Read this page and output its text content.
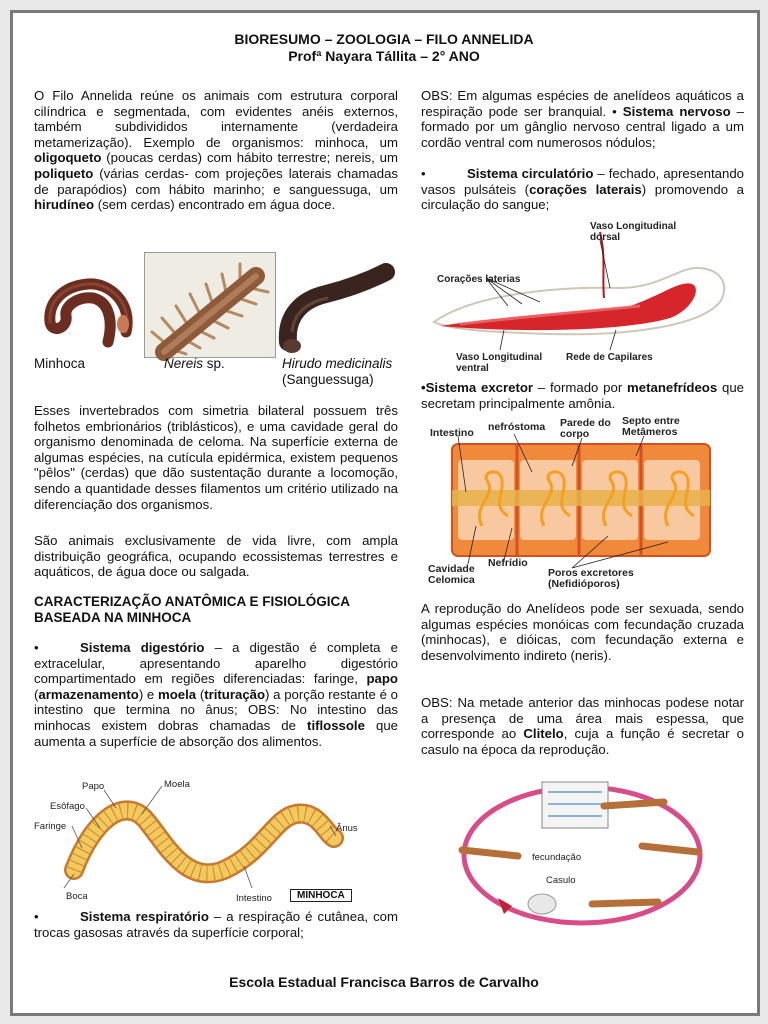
BIORESUMO – ZOOLOGIA – FILO ANNELIDA
Profª Nayara Tállita – 2° ANO
O Filo Annelida reúne os animais com estrutura corporal cilíndrica e segmentada, com evidentes anéis externos, também subdivididos internamente (verdadeira metamerização). Exemplo de organismos: minhoca, um oligoqueto (poucas cerdas) com hábito terrestre; nereis, um poliqueto (várias cerdas- com projeções laterais chamadas de parapódios) com hábito marinho; e sanguessuga, um hirudíneo (sem cerdas) encontrado em água doce.
Minhoca	Nereis sp.	Hirudo medicinalis
(Sanguessuga)
Esses invertebrados com simetria bilateral possuem três folhetos embrionários (triblásticos), e uma cavidade geral do organismo denominada de celoma. Na superfície externa de algumas espécies, na cutícula epidérmica, existem pequenos "pêlos" (cerdas) que dão sustentação durante a locomoção, sendo a quantidade desses filamentos um critério utilizado na diferenciação dos organismos.
São animais exclusivamente de vida livre, com ampla distribuição geográfica, ocupando ecossistemas terrestres e aquáticos, de água doce ou salgada.
CARACTERIZAÇÃO ANATÔMICA E FISIOLÓGICA BASEADA NA MINHOCA
•	Sistema digestório – a digestão é completa e extracelular, apresentando aparelho digestório compartimentado em regiões diferenciadas: faringe, papo (armazenamento) e moela (trituração) a porção restante é o intestino que termina no ânus; OBS: No intestino das minhocas existem dobras chamadas de tiflossole que aumenta a superfície de absorção dos alimentos.
Papo	Moela
Esôfago
Faringe	Ânus
Boca	Intestino	MINHOCA
•	Sistema respiratório – a respiração é cutânea, com trocas gasosas através da superfície corporal;
OBS: Em algumas espécies de anelídeos aquáticos a respiração pode ser branquial. • Sistema nervoso – formado por um gânglio nervoso central ligado a um cordão ventral com numerosos nódulos;
•	Sistema circulatório – fechado, apresentando vasos pulsáteis (corações laterais) promovendo a circulação do sangue;
Vaso Longitudinal dorsal
Corações laterias
Vaso Longitudinal ventral
Rede de Capilares
•Sistema excretor – formado por metanefrídeos que secretam principalmente amônia.
Intestino nefróstoma Parede do corpo
Septo entre Metâmeros
Cavidade Celomica
Nefrídio
Poros excretores (Nefidióporos)
A reprodução do Anelídeos pode ser sexuada, sendo algumas espécies monóicas com fecundação cruzada (minhocas), e dióicas, com fecundação externa e desenvolvimento indireto (neris).
OBS: Na metade anterior das minhocas podese notar a presença de uma área mais espessa, que corresponde ao Clitelo, cuja a função é secretar o casulo na época da reprodução.
fecundação
Casulo
Escola Estadual Francisca Barros de Carvalho
